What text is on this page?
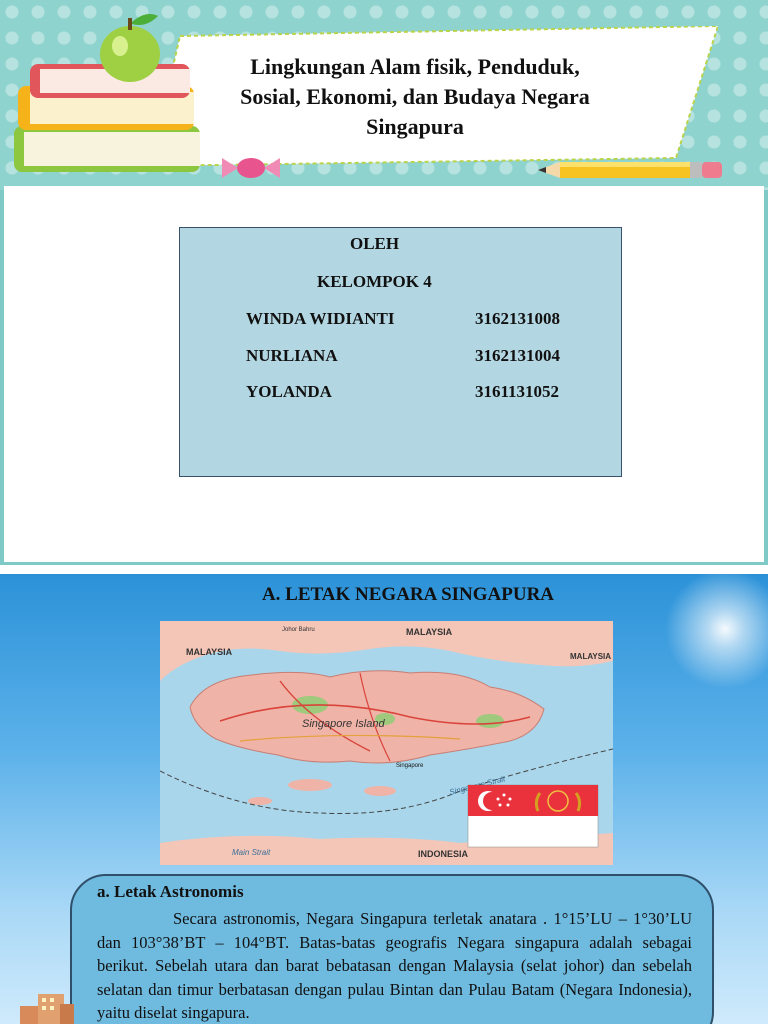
Lingkungan Alam fisik, Penduduk,
Sosial, Ekonomi, dan Budaya Negara
Singapura
OLEH
KELOMPOK 4
WINDA WIDIANTI	3162131008
NURLIANA	3162131004
YOLANDA	3161131052
A. LETAK NEGARA SINGAPURA
MALAYSIA
MALAYSIA
MALAYSIA
Johor Bahru
Singapore Island
Singapore
Singapore Strait
Main Strait	INDONESIA
a. Letak Astronomis
Secara astronomis, Negara Singapura terletak anatara . 1°15’LU – 1°30’LU dan 103°38’BT – 104°BT. Batas-batas geografis Negara singapura adalah sebagai berikut. Sebelah utara dan barat bebatasan dengan Malaysia (selat johor) dan sebelah selatan dan timur berbatasan dengan pulau Bintan dan Pulau Batam (Negara Indonesia), yaitu diselat singapura.
